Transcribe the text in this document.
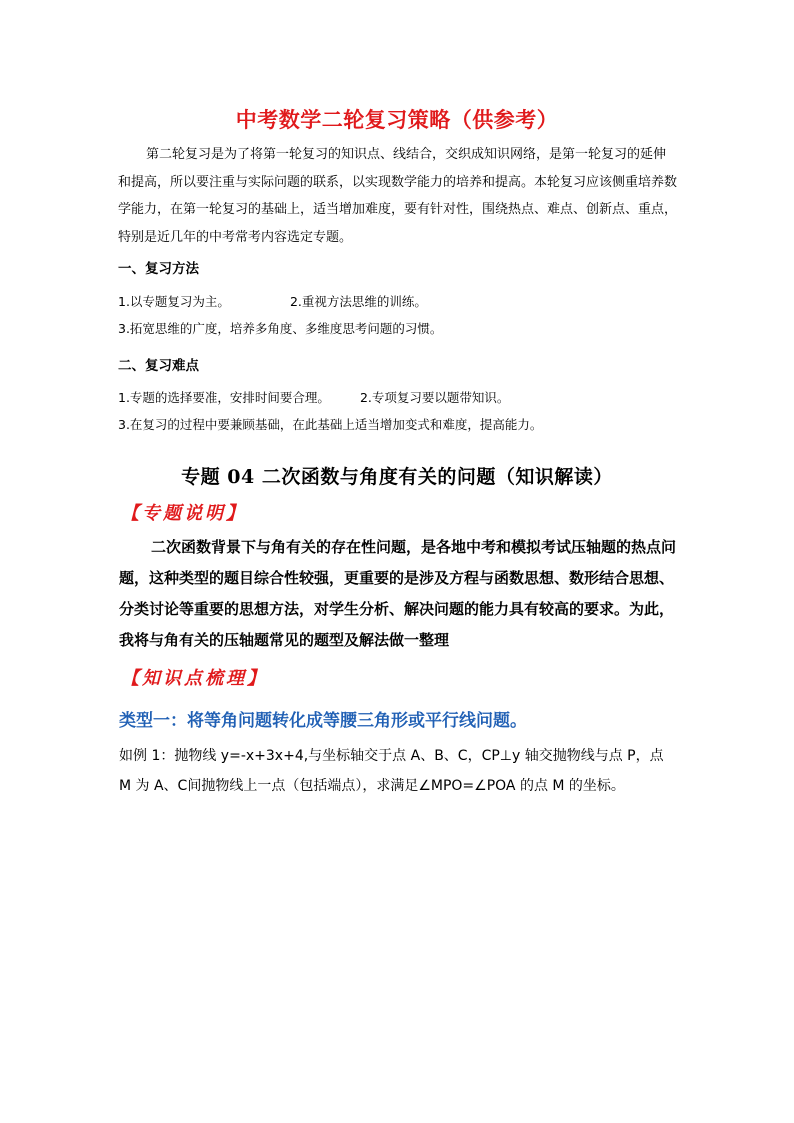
中考数学二轮复习策略（供参考）
第二轮复习是为了将第一轮复习的知识点、线结合，交织成知识网络，是第一轮复习的延伸和提高，所以要注重与实际问题的联系，以实现数学能力的培养和提高。本轮复习应该侧重培养数学能力，在第一轮复习的基础上，适当增加难度，要有针对性，围绕热点、难点、创新点、重点，特别是近几年的中考常考内容选定专题。
一、复习方法
1.以专题复习为主。	2.重视方法思维的训练。
3.拓宽思维的广度，培养多角度、多维度思考问题的习惯。
二、复习难点
1.专题的选择要准，安排时间要合理。 2.专项复习要以题带知识。
3.在复习的过程中要兼顾基础，在此基础上适当增加变式和难度，提高能力。
专题 04 二次函数与角度有关的问题（知识解读）
【专题说明】
二次函数背景下与角有关的存在性问题，是各地中考和模拟考试压轴题的热点问题，这种类型的题目综合性较强，更重要的是涉及方程与函数思想、数形结合思想、分类讨论等重要的思想方法，对学生分析、解决问题的能力具有较高的要求。为此，我将与角有关的压轴题常见的题型及解法做一整理
【知识点梳理】
类型一：将等角问题转化成等腰三角形或平行线问题。
如例 1：抛物线 y=-x+3x+4,与坐标轴交于点 A、B、C，CP⊥y 轴交抛物线与点 P，点 M 为 A、C间抛物线上一点（包括端点），求满足∠MPO=∠POA 的点 M 的坐标。
